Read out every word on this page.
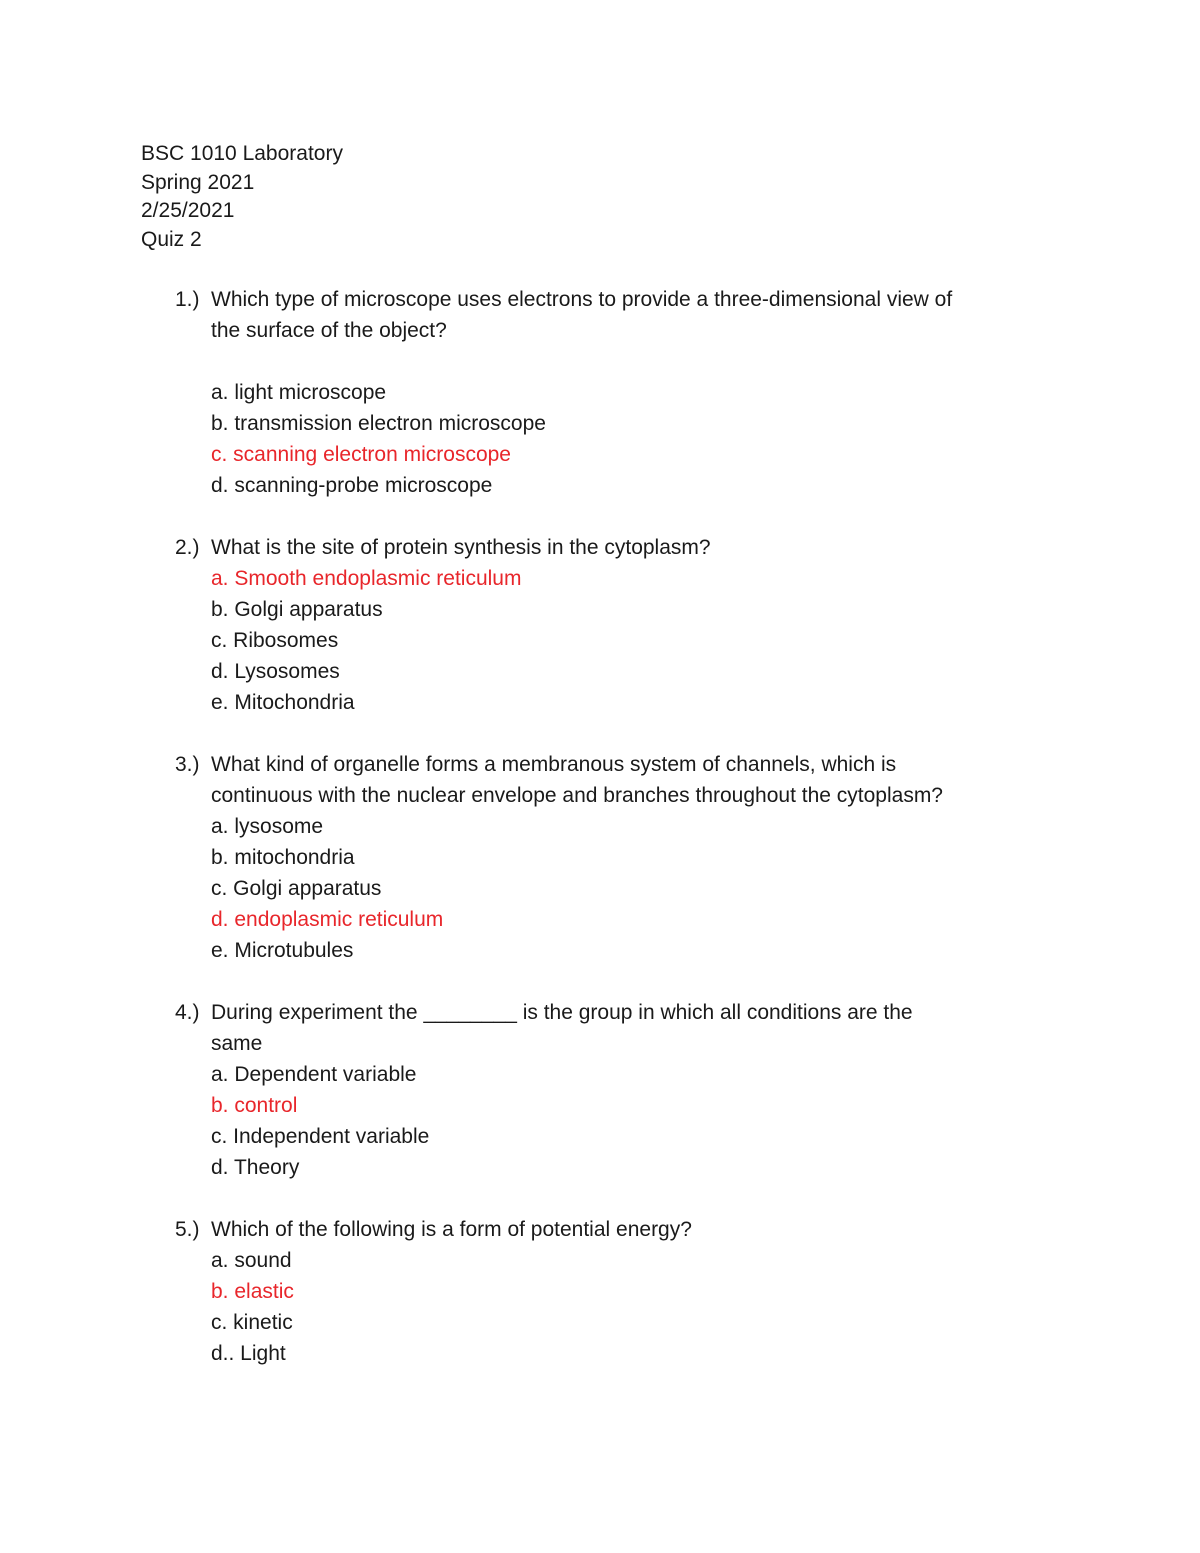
BSC 1010 Laboratory
Spring 2021
2/25/2021
Quiz 2
1.) Which type of microscope uses electrons to provide a three-dimensional view of
the surface of the object?
a. light microscope
b. transmission electron microscope
c. scanning electron microscope
d. scanning-probe microscope
2.) What is the site of protein synthesis in the cytoplasm?
a. Smooth endoplasmic reticulum
b. Golgi apparatus
c. Ribosomes
d. Lysosomes
e. Mitochondria
3.) What kind of organelle forms a membranous system of channels, which is
continuous with the nuclear envelope and branches throughout the cytoplasm?
a. lysosome
b. mitochondria
c. Golgi apparatus
d. endoplasmic reticulum
e. Microtubules
4.) During experiment the ________ is the group in which all conditions are the
same
a. Dependent variable
b. control
c. Independent variable
d. Theory
5.) Which of the following is a form of potential energy?
a. sound
b. elastic
c. kinetic
d.. Light
